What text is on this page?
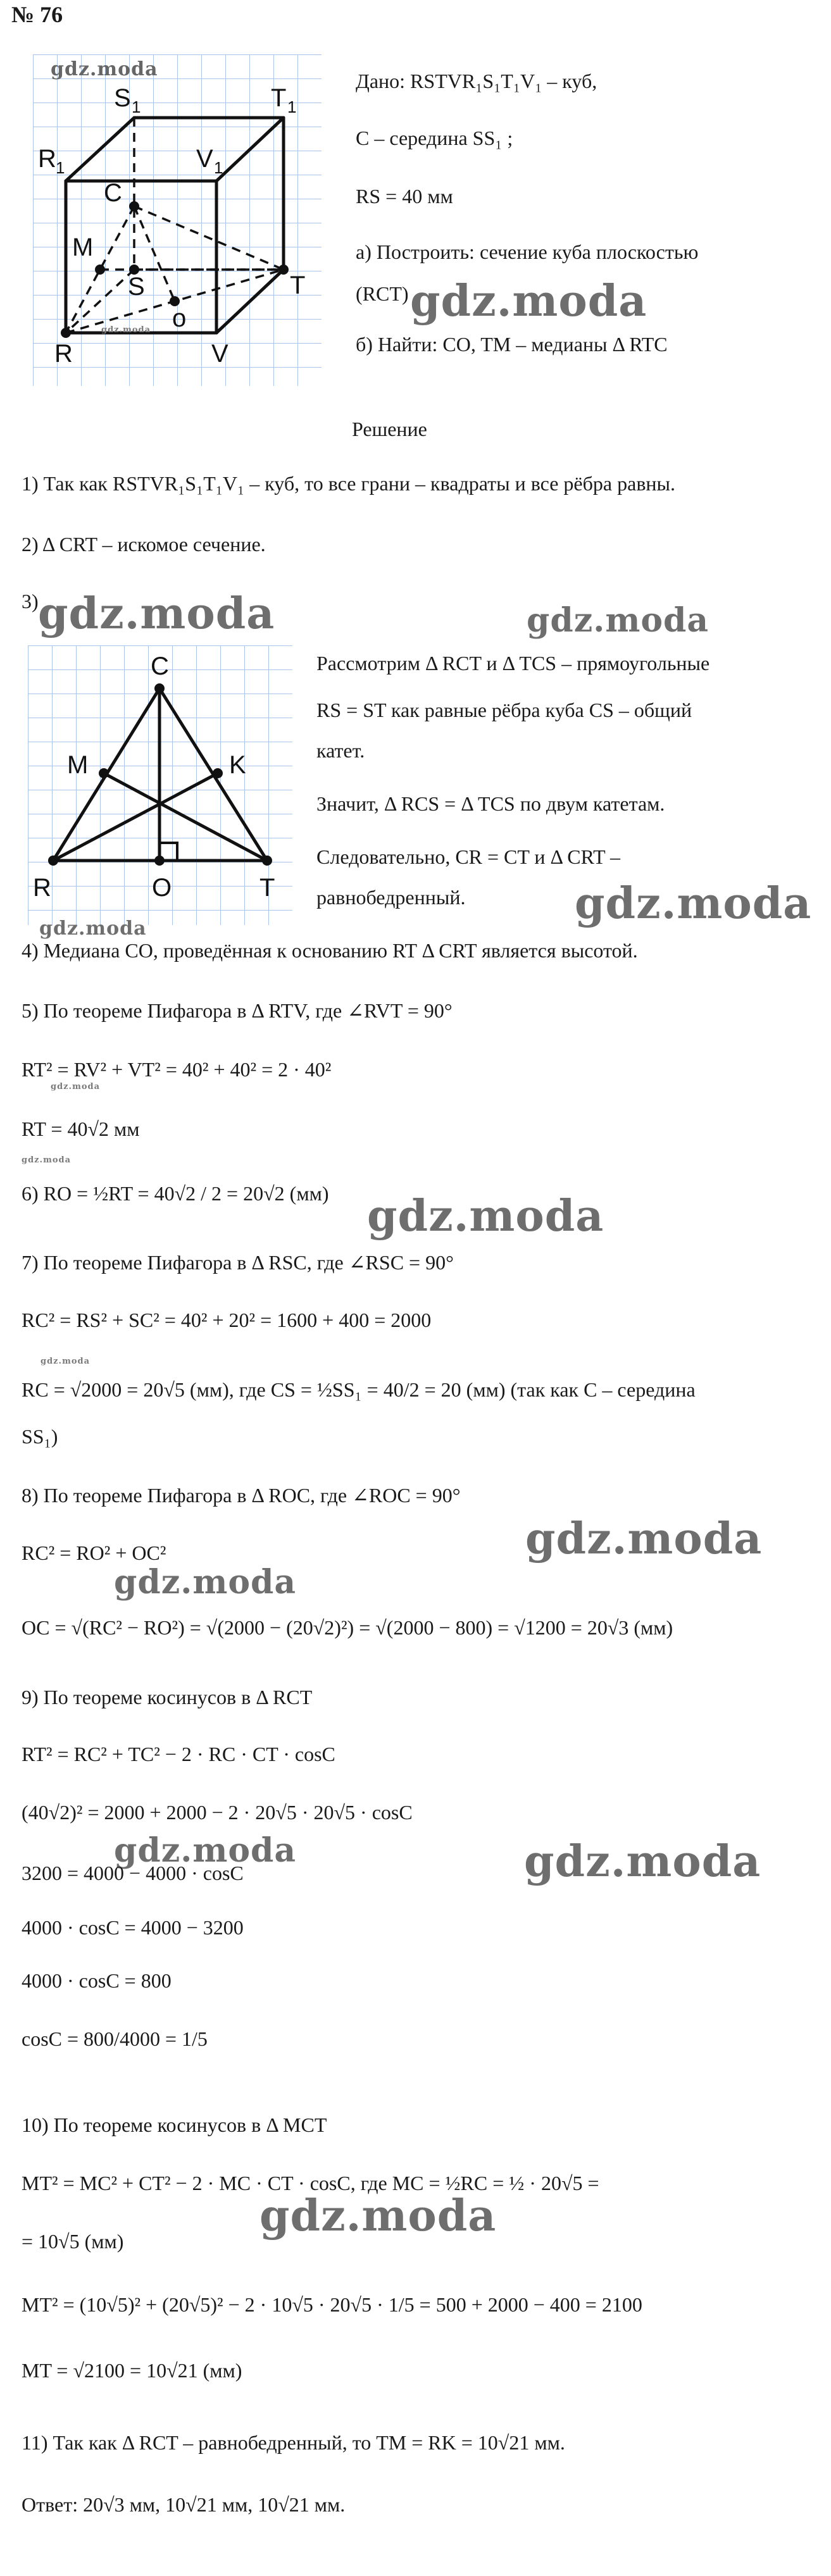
№ 76
S 1	T 1
R 1	V 1
C
M
S
o
T
R	V
gdz.moda
gdz.moda
Дано: RSTVR₁S₁T₁V₁ – куб,
С – середина SS₁ ;
RS = 40 мм
а) Построить: сечение куба плоскостью
(RCT) gdz.moda
б) Найти: CO, TM – медианы Δ RTC
Решение
1) Так как RSTVR₁S₁T₁V₁ – куб, то все грани – квадраты и все рёбра равны.
2) Δ CRT – искомое сечение.
3) gdz.moda
C
M	K
R	O	T
gdz.moda
Рассмотрим Δ RCT и Δ TCS – прямоугольные
RS = ST как равные рёбра куба CS – общий
катет.
Значит, Δ RCS = Δ TCS по двум катетам.
Следовательно, CR = CT и Δ CRT –
равнобедренный.	gdz.moda
gdz.moda
4) Медиана CO, проведённая к основанию RT Δ CRT является высотой.
5) По теореме Пифагора в Δ RTV, где ∠RVT = 90°
RT² = RV² + VT² = 40² + 40² = 2 · 40²
gdz.moda
RT = 40√2 мм
gdz.moda
6) RO = ½RT = 40√2 / 2 = 20√2 (мм) gdz.moda
7) По теореме Пифагора в Δ RSC, где ∠RSC = 90°
RC² = RS² + SC² = 40² + 20² = 1600 + 400 = 2000
gdz.moda
RC = √2000 = 20√5 (мм), где CS = ½SS₁ = 40/2 = 20 (мм) (так как С – середина
SS₁)
8) По теореме Пифагора в Δ ROC, где ∠ROC = 90°
gdz.moda
RC² = RO² + OC²
gdz.moda
OC = √(RC² − RO²) = √(2000 − (20√2)²) = √(2000 − 800) = √1200 = 20√3 (мм)
9) По теореме косинусов в Δ RCT
RT² = RC² + TC² − 2 · RC · CT · cosC
(40√2)² = 2000 + 2000 − 2 · 20√5 · 20√5 · cosC
gdz.moda	gdz.moda
3200 = 4000 − 4000 · cosC
4000 · cosC = 4000 − 3200
4000 · cosC = 800
cosC = 800/4000 = 1/5
10) По теореме косинусов в Δ MCT
MT² = MC² + CT² − 2 · MC · CT · cosC, где MC = ½RC = ½ · 20√5 =
gdz.moda
= 10√5 (мм)
MT² = (10√5)² + (20√5)² − 2 · 10√5 · 20√5 · 1/5 = 500 + 2000 − 400 = 2100
MT = √2100 = 10√21 (мм)
11) Так как Δ RCT – равнобедренный, то TM = RK = 10√21 мм.
Ответ: 20√3 мм, 10√21 мм, 10√21 мм.
